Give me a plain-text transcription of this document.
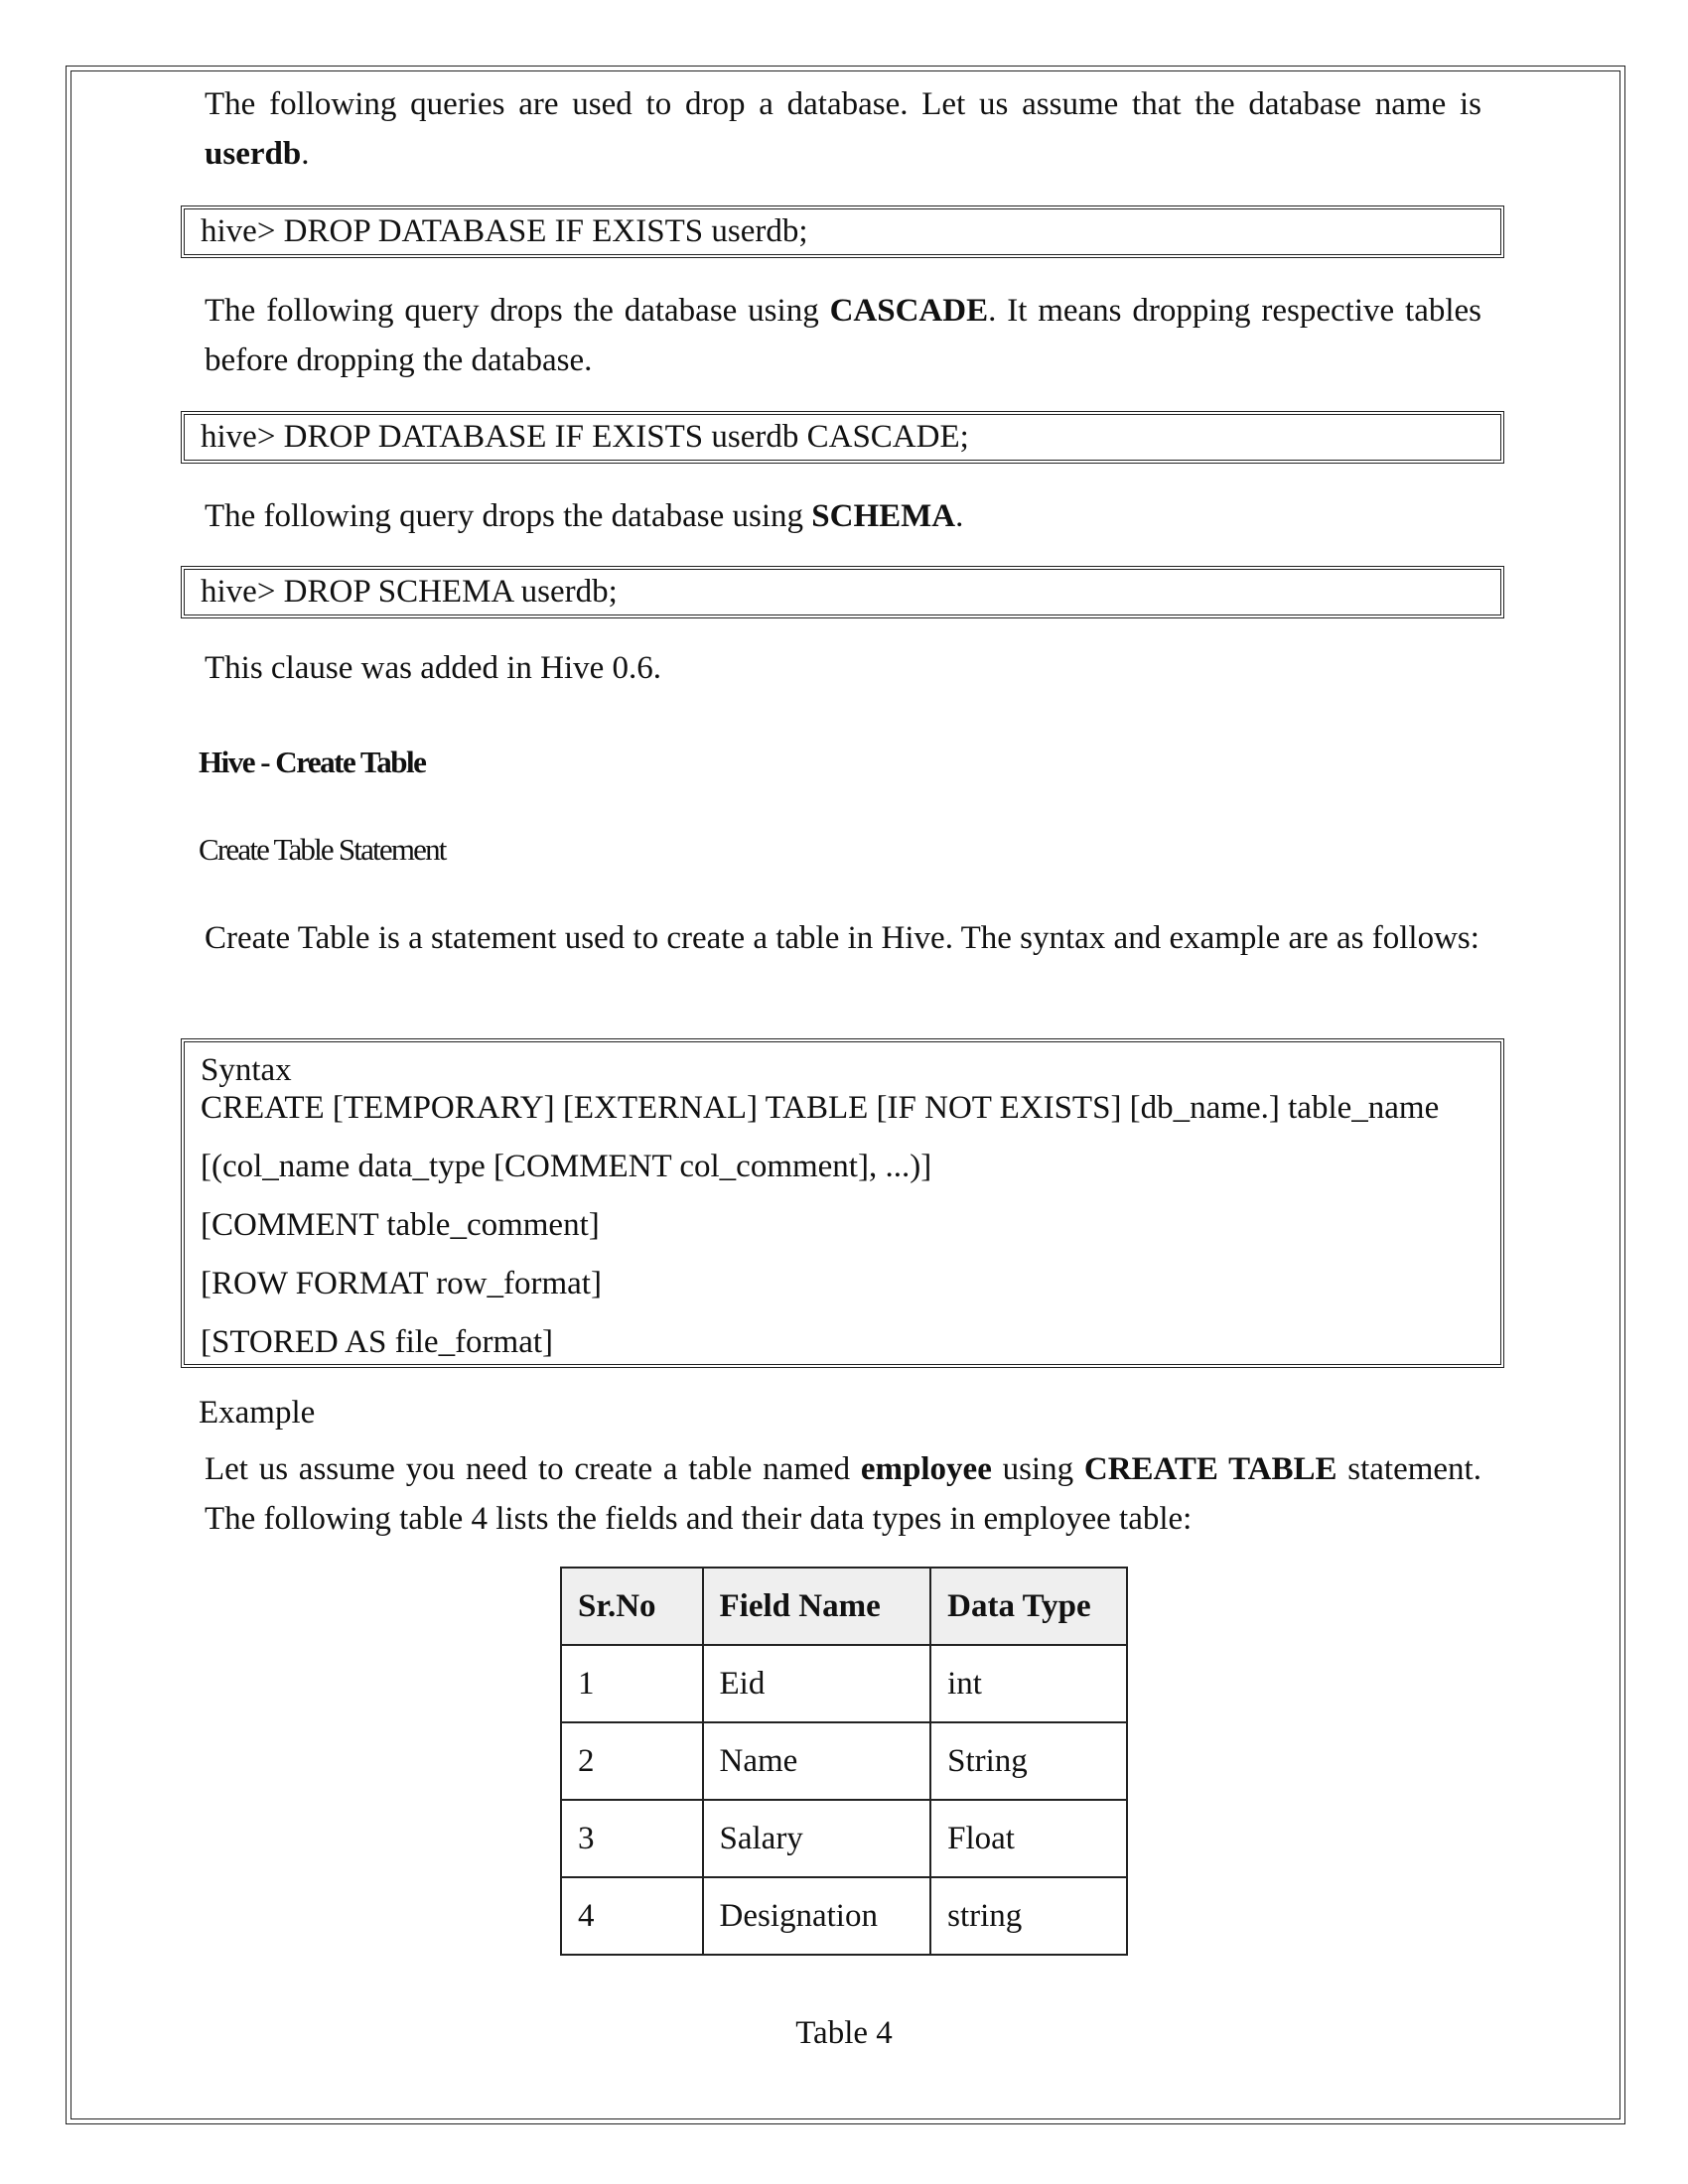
The following queries are used to drop a database. Let us assume that the database name is userdb.
hive> DROP DATABASE IF EXISTS userdb;
The following query drops the database using CASCADE. It means dropping respective tables before dropping the database.
hive> DROP DATABASE IF EXISTS userdb CASCADE;
The following query drops the database using SCHEMA.
hive> DROP SCHEMA userdb;
This clause was added in Hive 0.6.
Hive - Create Table
Create Table Statement
Create Table is a statement used to create a table in Hive. The syntax and example are as follows:
Syntax
CREATE [TEMPORARY] [EXTERNAL] TABLE [IF NOT EXISTS] [db_name.] table_name
[(col_name data_type [COMMENT col_comment], ...)]
[COMMENT table_comment]
[ROW FORMAT row_format]
[STORED AS file_format]
Example
Let us assume you need to create a table named employee using CREATE TABLE statement. The following table 4 lists the fields and their data types in employee table:
Sr.No	Field Name	Data Type
1	Eid	int
2	Name	String
3	Salary	Float
4	Designation	string
Table 4
